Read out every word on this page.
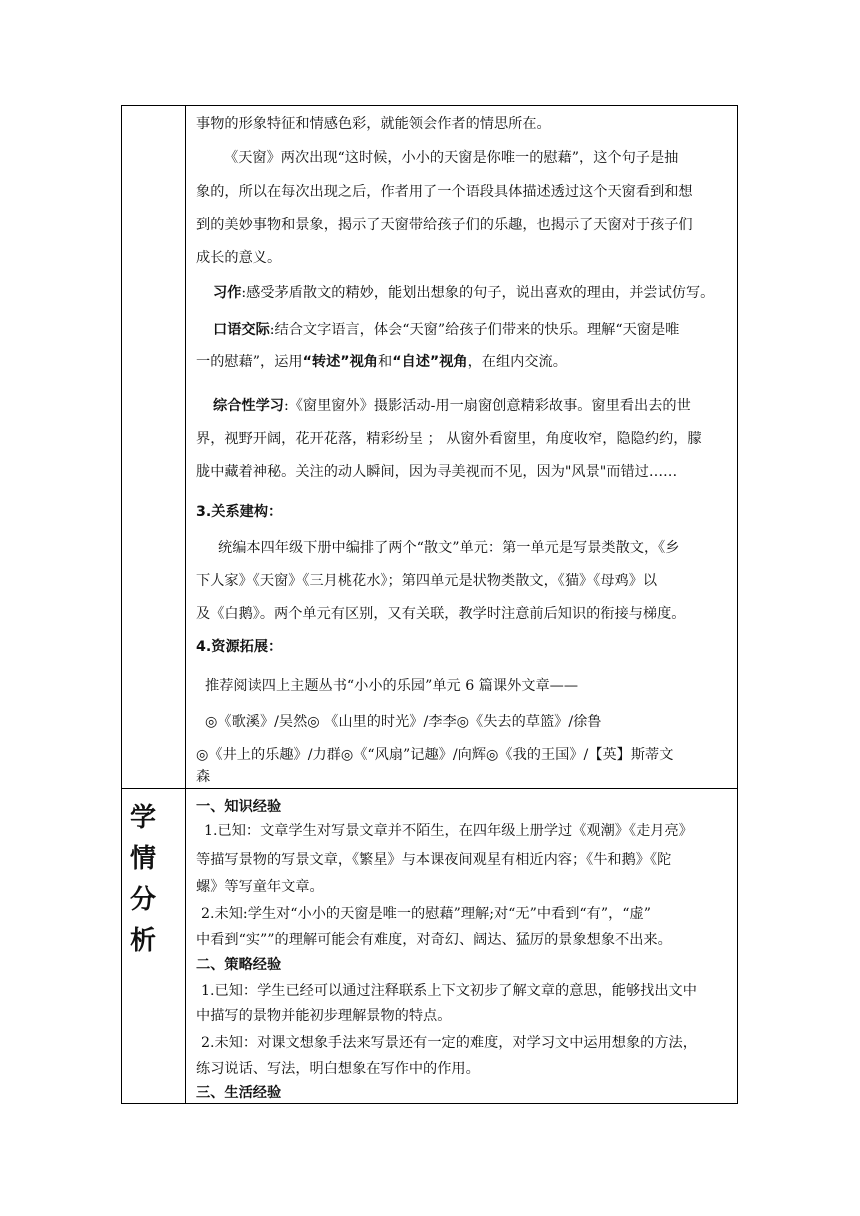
事物的形象特征和情感色彩，就能领会作者的情思所在。
《天窗》两次出现“这时候，小小的天窗是你唯一的慰藉”，这个句子是抽
象的，所以在每次出现之后，作者用了一个语段具体描述透过这个天窗看到和想
到的美妙事物和景象，揭示了天窗带给孩子们的乐趣，也揭示了天窗对于孩子们
成长的意义。
习作:感受茅盾散文的精妙，能划出想象的句子，说出喜欢的理由，并尝试仿写。
口语交际:结合文字语言，体会“天窗”给孩子们带来的快乐。理解“天窗是唯
一的慰藉”，运用“转述”视角和“自述”视角，在组内交流。
综合性学习:《窗里窗外》摄影活动-用一扇窗创意精彩故事。窗里看出去的世
界，视野开阔，花开花落，精彩纷呈 ； 从窗外看窗里，角度收窄，隐隐约约，朦
胧中藏着神秘。关注的动人瞬间，因为寻美视而不见，因为"风景"而错过……
3.关系建构：
统编本四年级下册中编排了两个“散文”单元：第一单元是写景类散文，《乡
下人家》《天窗》《三月桃花水》；第四单元是状物类散文，《猫》《母鸡》以
及《白鹅》。两个单元有区别，又有关联，教学时注意前后知识的衔接与梯度。
4.资源拓展：
推荐阅读四上主题丛书“小小的乐园”单元 6 篇课外文章——
◎《歌溪》/吴然◎ 《山里的时光》/李李◎《失去的草篮》/徐鲁
◎《井上的乐趣》/力群◎《“风扇”记趣》/向辉◎《我的王国》/【英】斯蒂文
森
学
情
分
析
一、知识经验
1.已知：文章学生对写景文章并不陌生，在四年级上册学过《观潮》《走月亮》
等描写景物的写景文章，《繁星》与本课夜间观星有相近内容；《牛和鹅》《陀
螺》等写童年文章。
2.未知:学生对“小小的天窗是唯一的慰藉”理解;对“无”中看到“有”，“虚”
中看到“实””的理解可能会有难度，对奇幻、阔达、猛厉的景象想象不出来。
二、策略经验
1.已知：学生已经可以通过注释联系上下文初步了解文章的意思，能够找出文中
中描写的景物并能初步理解景物的特点。
2.未知：对课文想象手法来写景还有一定的难度，对学习文中运用想象的方法，
练习说话、写法，明白想象在写作中的作用。
三、生活经验
